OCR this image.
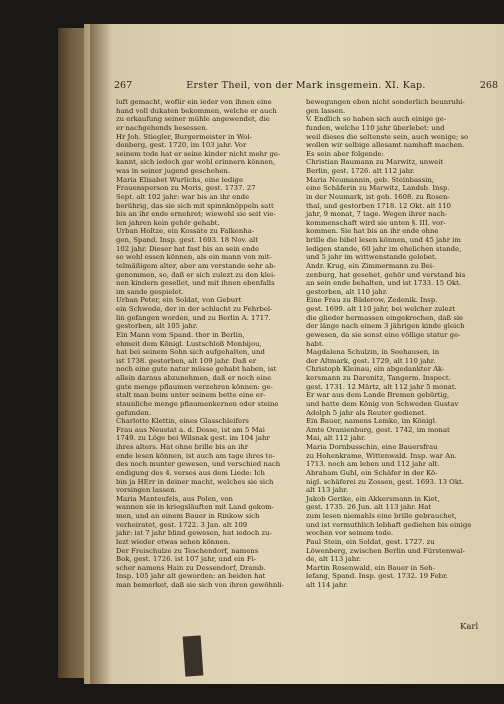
267	Erster Theil, von der Mark insgemein. XI. Kap.	268

luft gemacht, wofür ein ieder von ihnen eine

hand voll dukaten bekommen, welche er auch

zu erkaufung seiner mühle angewendet, die

er nachgehends besessen.

Hr Joh. Stiegler, Burgermeister in Wol-

denberg, gest. 1720, im 103 jahr. Vor

seinem tode hat er seine kinder nicht mehr ge-

kannt, sich iedoch gar wohl erinnern können,

was in seiner jugend geschehen.

Maria Elisabet Wurlichs, eine ledige

Frauensperson zu Moris, gest. 1737. 27

Sept. alt 102 jahr: war bis an ihr ende

berührig, das sie sich mit spinnknöppeln satt

bis an ihr ende ernehret; wiewohl sie seit vie-

len jahren kein gehör gehabt.

Urban Holtze, ein Kossäte zu Falkenha-

gen, Spand. Insp. gest. 1693. 18 Nov. alt

102 jahr. Dieser hat fast bis an sein ende

so wohl essen können, als ein mann von mit-

telmäßigem alter, aber am verstande sehr ab-

genommen, so, daß er sich zulezt zu den klei-

nen kindern gesellet, und mit ihnen ebenfalls

im sande gespielet.

Urban Peter, ein Soldat, von Geburt

ein Schwede, der in der schlacht zu Fehrbel-

lin gefangen worden, und zu Berlin A. 1717.

gestorben, alt 105 jahr.

Ein Mann vom Spand. thor in Berlin,

ehmeit dem Königl. Lustschloß Monbijou,

hat bei seinem Sohn sich aufgehalten, und

ist 1738. gestorben, alt 109 jahr. Daß er

noch eine gute natur müsse gehabt haben, ist

allein daraus abzunehmen, daß er noch eine

gute menge pflaumen verzehren können: ge-

stalt man beim unter seinem bette eine er-

staunliche menge pflaumenkernen oder steine

gefunden.

Charlotte Klettin, eines Glasschleifers

Frau aus Neustat a. d. Dosse, ist am 5 Mai

1749. zu Löge bei Wilsnak gest. im 104 jahr

ihres alters. Hat ohne brille bis an ihr

ende lesen können, ist auch am tage ihres to-

des noch munter gewesen, und verschied nach

endigung des 4. verses aus dem Liede: Ich

bin ja HErr in deiner macht, welches sie sich

vorsingen lassen.

Maria Manteufels, aus Polen, von

wannen sie in kriegsläuften mit Land gekom-

men, und an einem Bauer in Rinkow sich

verheiratet, gest. 1722. 3 Jan. alt 109

jahr: ist 7 jahr blind gewesen, hat iedoch zu-

lezt wieder etwas sehen können.

Der Freischulze zu Teschendorf, namens

Bok, gest. 1726. ist 107 jahr, und ein Fi-

scher namens Hain zu Dessendorf, Dramb.

Insp. 105 jahr alt geworden: an beiden hat

man bemerket, daß sie sich von ihren gewöhnli-

bewegungen eben nicht sonderlich beunruhi-

gen lassen.

V. Endlich so haben sich auch einige ge-

funden, welche 110 jahr überlebet: und

weil dieses die seltenste sein, auch wenige; so

wollen wir selbige allesamt namhaft machen.

Es sein aber folgende:

Christian Baumann zu Marwitz, unweit

Berlin, gest. 1726. alt 112 jahr.

Maria Neumannin, geb. Steinbassin,

eine Schäferin zu Marwitz, Landsb. Insp.

in der Neumark, ist geb. 1608. zu Rosen-

thal, und gestorben 1718. 12 Okt. alt 110

jahr, 9 monat, 7 tage. Wegen ihrer nach-

kommenschaft wird sie unten §. III. vor-

kommen. Sie hat bis an ihr ende ohne

brille die bibel lesen können, und 45 jahr im

ledigen stande, 60 jahr im ehelichen stande,

und 5 jahr im wittwenstande gelebet.

Andr. Krug, ein Zimmermann zu Bei-

zenburg, hat gesehet, gehör und verstand bis

an sein ende behalten, und ist 1733. 15 Okt.

gestorben, alt 110 jahr.

Eine Frau zu Bäderow, Zedenik. Insp.

gest. 1699. alt 110 jahr, bei welcher zulezt

die glieder hermassen eingekrochen, daß sie

der länge nach einem 3 jährigen kinde gleich

gewesen, da sie sonst eine völlige statur ge-

habt.

Magdalena Schulzin, in Seehausen, in

der Altmark, gest. 1729, alt 110 jahr.

Christoph Kleinau, ein abgedankter Ak-

kersmann zu Darenitz, Tangerm. Inspect.

gest. 1731. 12 Märtz, alt 112 jahr 5 monat.

Er war aus dem Lande Bremen gebürtig,

und hatte dem König von Schweden Gustav

Adolph 5 jahr als Reuter gedienet.

Ein Bauer, namens Lemke, im Königl.

Amte Oranienburg, gest. 1742, im monat

Mai, alt 112 jahr.

Maria Dornbusschin, eine Bauersfrau

zu Hohenkrame, Wittenwald. Insp. war An.

1713. noch am leben und 112 jahr alt.

Abraham Guhl, ein Schäfer in der Kö-

nigl. schäferei zu Zossen, gest. 1693. 13 Okt.

alt 113 jahr.

Jakob Gerike, ein Akkersmann in Kiet,

gest. 1735. 26 Jun. alt 113 jahr. Hat

zum lesen niemahls eine brille gebrauchet,

und ist vermuthlich lebhaft gediehen bis einige

wochen vor seinem tode.

Paul Stein, ein Soldat, gest. 1727. zu

Löwenberg, zwischen Berlin und Fürstenwal-

de, alt 113 jahr.

Martin Rosenwald, ein Bauer in Seh-

lefang, Spand. Insp. gest. 1732. 19 Febr.

alt 114 jahr.

Karl
